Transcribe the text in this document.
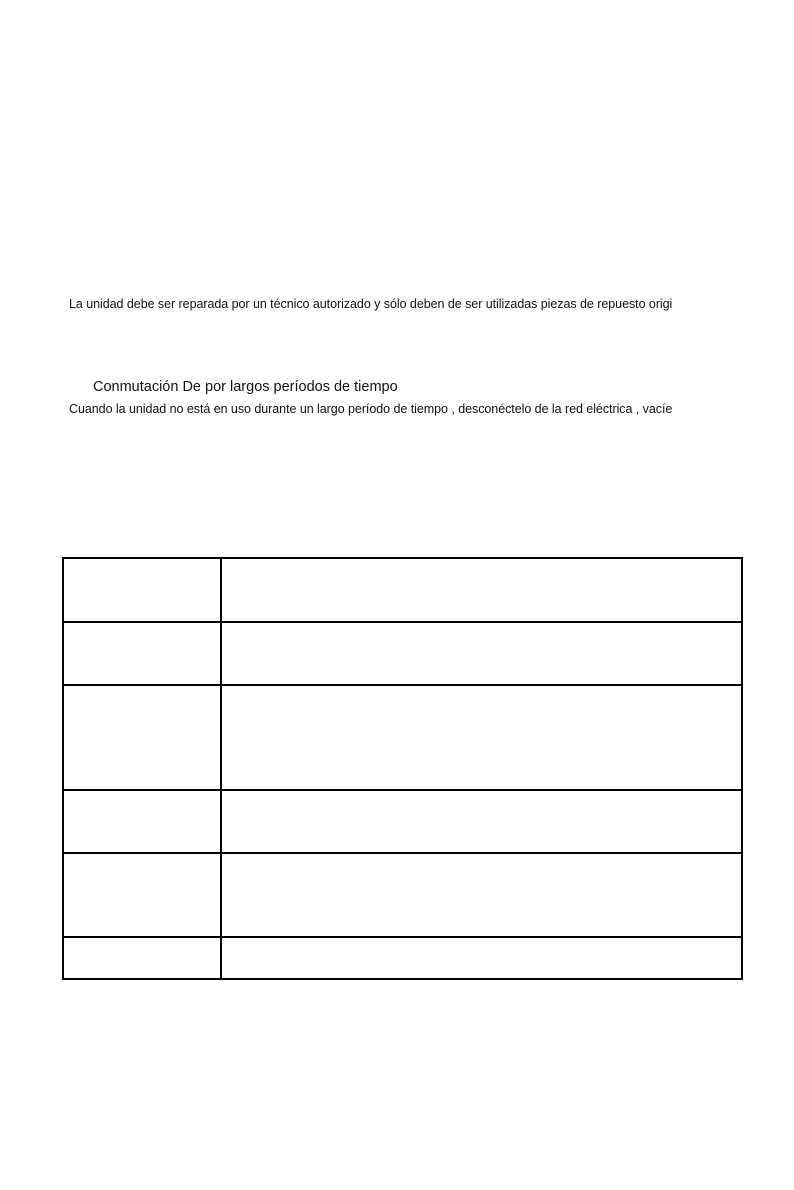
La unidad debe ser reparada por un técnico autorizado y sólo deben de ser utilizadas piezas de repuesto origi

Conmutación De por largos períodos de tiempo

Cuando la unidad no está en uso durante un largo período de tiempo , desconéctelo de la red eléctrica , vacíe
